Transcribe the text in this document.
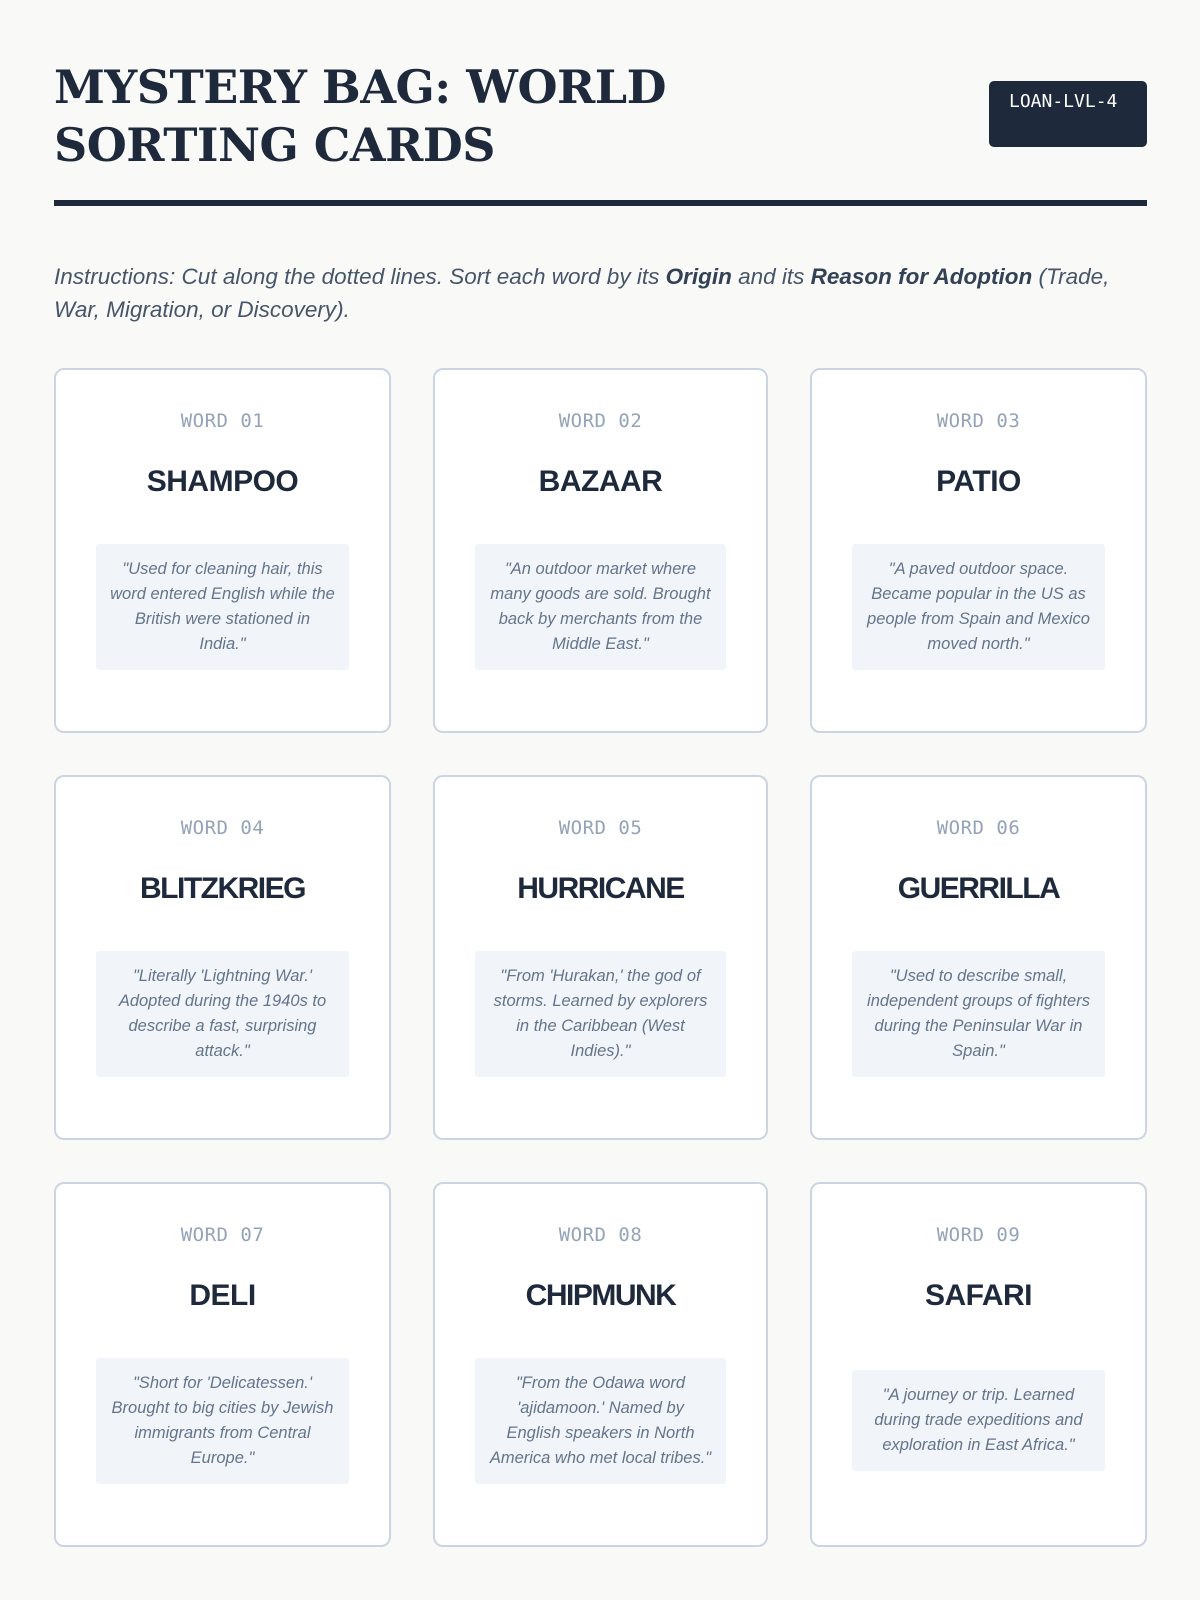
MYSTERY BAG: WORLD SORTING CARDS
LOAN-LVL-4

Instructions: Cut along the dotted lines. Sort each word by its Origin and its Reason for Adoption (Trade, War, Migration, or Discovery).

WORD 01
SHAMPOO
"Used for cleaning hair, this word entered English while the British were stationed in India."
WORD 02
BAZAAR
"An outdoor market where many goods are sold. Brought back by merchants from the Middle East."
WORD 03
PATIO
"A paved outdoor space. Became popular in the US as people from Spain and Mexico moved north."
WORD 04
BLITZKRIEG
"Literally 'Lightning War.' Adopted during the 1940s to describe a fast, surprising attack."
WORD 05
HURRICANE
"From 'Hurakan,' the god of storms. Learned by explorers in the Caribbean (West Indies)."
WORD 06
GUERRILLA
"Used to describe small, independent groups of fighters during the Peninsular War in Spain."
WORD 07
DELI
"Short for 'Delicatessen.' Brought to big cities by Jewish immigrants from Central Europe."
WORD 08
CHIPMUNK
"From the Odawa word 'ajidamoon.' Named by English speakers in North America who met local tribes."
WORD 09
SAFARI
"A journey or trip. Learned during trade expeditions and exploration in East Africa."
